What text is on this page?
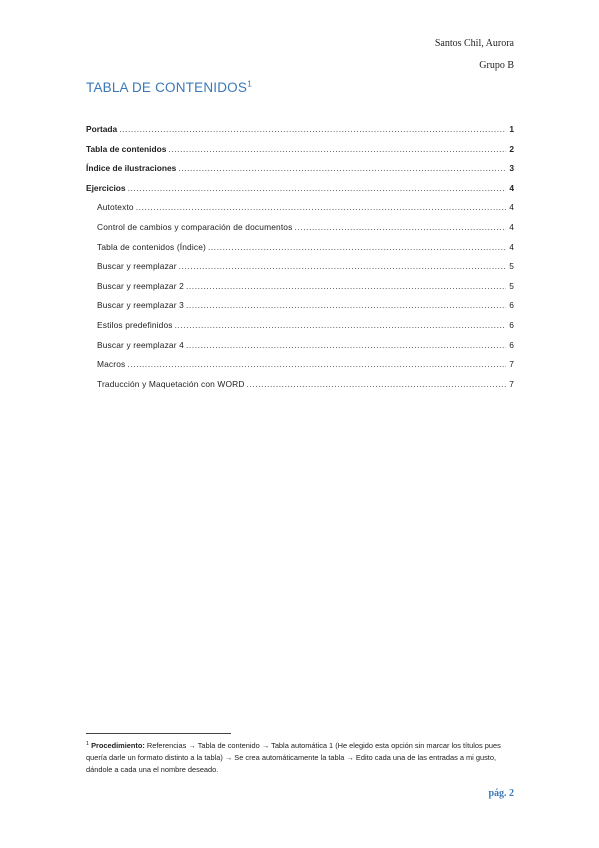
Santos Chil, Aurora
Grupo B
TABLA DE CONTENIDOS$^1$
Portada .....	1
Tabla de contenidos .....	2
Índice de ilustraciones .....	3
Ejercicios .....	4
Autotexto .....	4
Control de cambios y comparación de documentos .....	4
Tabla de contenidos (Índice) .....	4
Buscar y reemplazar .....	5
Buscar y reemplazar 2 .....	5
Buscar y reemplazar 3 .....	6
Estilos predefinidos .....	6
Buscar y reemplazar 4 .....	6
Macros .....	7
Traducción y Maquetación con WORD .....	7
$^1$ Procedimiento: Referencias → Tabla de contenido → Tabla automática 1 (He elegido esta opción sin marcar los títulos pues quería darle un formato distinto a la tabla) → Se crea automáticamente la tabla → Edito cada una de las entradas a mi gusto, dándole a cada una el nombre deseado.
pág. 2
